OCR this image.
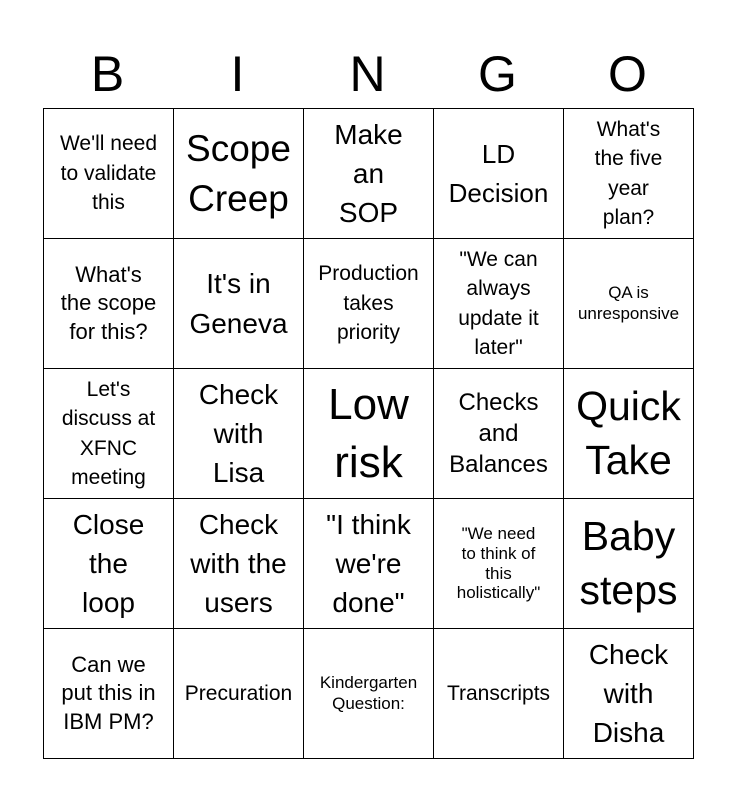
B	I	N	G	O
We'll need
to validate
this	Scope
Creep	Make
an
SOP	LD
Decision	What's
the five
year
plan?

What's
the scope
for this?	It's in
Geneva	Production
takes
priority	"We can
always
update it
later"	QA is
unresponsive

Let's
discuss at
XFNC
meeting	Check
with
Lisa	Low
risk	Checks
and
Balances	Quick
Take

Close
the
loop	Check
with the
users	"I think
we're
done"	"We need
to think of
this
holistically"	Baby
steps

Can we
put this in
IBM PM?	Precuration	Kindergarten
Question:	Transcripts	Check
with
Disha
